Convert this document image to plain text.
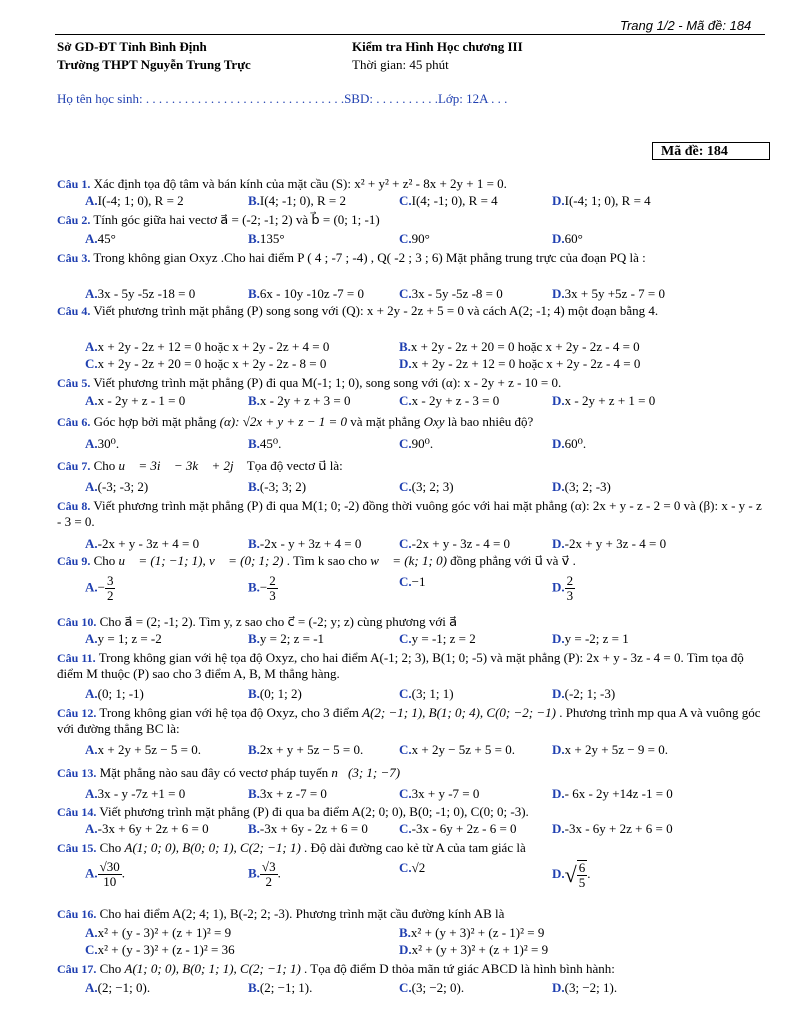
Trang 1/2 - Mã đề: 184
Sở GD-ĐT Tỉnh Bình Định
Trường THPT Nguyễn Trung Trực
Kiểm tra Hình Học chương III
Thời gian: 45 phút
Họ tên học sinh: . . . . . . . . . . . . . . . . . . . . . . . . . . . . . . .SBD: . . . . . . . . . .Lớp: 12A . . .
Mã đề: 184
Câu 1. Xác định tọa độ tâm và bán kính của mặt cầu (S): x² + y² + z² - 8x + 2y + 1 = 0.
A.I(-4; 1; 0), R = 2	B.I(4; -1; 0), R = 2	C.I(4; -1; 0), R = 4	D.I(-4; 1; 0), R = 4
Câu 2. Tính góc giữa hai vectơ a⃗ = (-2; -1; 2) và b⃗ = (0; 1; -1)
A.45°	B.135°	C.90°	D.60°
Câu 3. Trong không gian Oxyz .Cho hai điểm P ( 4 ; -7 ; -4) , Q( -2 ; 3 ; 6) Mặt phẳng trung trực của đoạn PQ là :
A.3x - 5y -5z -18 = 0	B.6x - 10y -10z -7 = 0	C.3x - 5y -5z -8 = 0	D.3x + 5y +5z - 7 = 0
Câu 4. Viết phương trình mặt phẳng (P) song song với (Q): x + 2y - 2z + 5 = 0 và cách A(2; -1; 4) một đoạn bằng 4.
A.x + 2y - 2z + 12 = 0 hoặc x + 2y - 2z + 4 = 0	B.x + 2y - 2z + 20 = 0 hoặc x + 2y - 2z - 4 = 0
C.x + 2y - 2z + 20 = 0 hoặc x + 2y - 2z - 8 = 0	D.x + 2y - 2z + 12 = 0 hoặc x + 2y - 2z - 4 = 0
Câu 5. Viết phương trình mặt phẳng (P) đi qua M(-1; 1; 0), song song với (α): x - 2y + z - 10 = 0.
A.x - 2y + z - 1 = 0	B.x - 2y + z + 3 = 0	C.x - 2y + z - 3 = 0	D.x - 2y + z + 1 = 0
Câu 6. Góc hợp bởi mặt phẳng (α): √2x + y + z − 1 = 0 và mặt phẳng Oxy là bao nhiêu độ?
A.30⁰.	B.45⁰.	C.90⁰.	D.60⁰.
Câu 7. Cho u⃗ = 3i⃗ − 3k⃗ + 2j⃗ Tọa độ vectơ u⃗ là:
A.(-3; -3; 2)	B.(-3; 3; 2)	C.(3; 2; 3)	D.(3; 2; -3)
Câu 8. Viết phương trình mặt phẳng (P) đi qua M(1; 0; -2) đồng thời vuông góc với hai mặt phẳng (α): 2x + y - z - 2 = 0 và (β): x - y - z - 3 = 0.
A.-2x + y - 3z + 4 = 0	B.-2x - y + 3z + 4 = 0	C.-2x + y - 3z - 4 = 0	D.-2x + y + 3z - 4 = 0
Câu 9. Cho u⃗ = (1; −1; 1), v⃗ = (0; 1; 2) . Tìm k sao cho w⃗ = (k; 1; 0) đồng phẳng với u⃗ và v⃗ .
$A.- \frac{3}{2}$	$B.- \frac{2}{3}$	C.−1	D. $\frac{2}{3}$
Câu 10. Cho a⃗ = (2; -1; 2). Tìm y, z sao cho c⃗ = (-2; y; z) cùng phương với a⃗
A.y = 1; z = -2	B.y = 2; z = -1	C.y = -1; z = 2	D.y = -2; z = 1
Câu 11. Trong không gian với hệ tọa độ Oxyz, cho hai điểm A(-1; 2; 3), B(1; 0; -5) và mặt phẳng (P): 2x + y - 3z - 4 = 0. Tìm tọa độ điểm M thuộc (P) sao cho 3 điểm A, B, M thẳng hàng.
A.(0; 1; -1)	B.(0; 1; 2)	C.(3; 1; 1)	D.(-2; 1; -3)
Câu 12. Trong không gian với hệ tọa độ Oxyz, cho 3 điểm A(2; −1; 1), B(1; 0; 4), C(0; −2; −1) . Phương trình mp qua A và vuông góc với đường thẳng BC là:
A.x + 2y + 5z − 5 = 0.	B.2x + y + 5z − 5 = 0.	C.x + 2y − 5z + 5 = 0.	D.x + 2y + 5z − 9 = 0.
Câu 13. Mặt phẳng nào sau đây có vectơ pháp tuyến n⃗(3; 1; −7)
A.3x - y -7z +1 = 0	B.3x + z -7 = 0	C.3x + y -7 = 0	D.- 6x - 2y +14z -1 = 0
Câu 14. Viết phương trình mặt phẳng (P) đi qua ba điểm A(2; 0; 0), B(0; -1; 0), C(0; 0; -3).
A.-3x + 6y + 2z + 6 = 0	B.-3x + 6y - 2z + 6 = 0 C.-3x - 6y + 2z - 6 = 0	D.-3x - 6y + 2z + 6 = 0
Câu 15. Cho A(1; 0; 0), B(0; 0; 1), C(2; −1; 1) . Độ dài đường cao kẻ từ A của tam giác là
A. $\frac{√30}{10}$ .	B. $\frac{√3}{2}$ .	C.√2	$D.√ \frac{6}{5}$ .
Câu 16. Cho hai điểm A(2; 4; 1), B(-2; 2; -3). Phương trình mặt cầu đường kính AB là
A.x² + (y - 3)² + (z + 1)² = 9	B.x² + (y + 3)² + (z - 1)² = 9
C.x² + (y - 3)² + (z - 1)² = 36	D.x² + (y + 3)² + (z + 1)² = 9
Câu 17. Cho A(1; 0; 0), B(0; 1; 1), C(2; −1; 1) . Tọa độ điểm D thỏa mãn tứ giác ABCD là hình bình hành:
A.(2; −1; 0).	B.(2; −1; 1).	C.(3; −2; 0).	D.(3; −2; 1).
